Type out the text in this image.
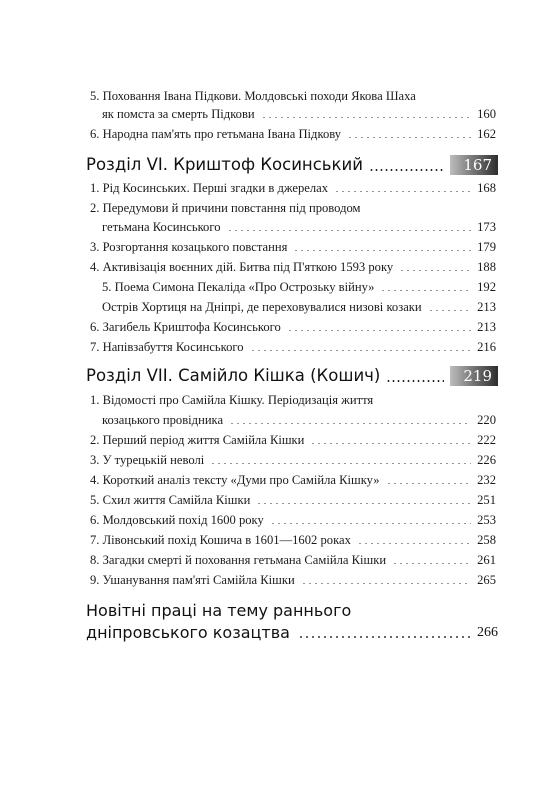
5. Поховання Івана Підкови. Молдовські походи Якова Шаха
як помста за смерть Підкови	160
6. Народна пам'ять про гетьмана Івана Підкову	162
Розділ VI. Криштоф Косинський	167
1. Рід Косинських. Перші згадки в джерелах	168
2. Передумови й причини повстання під проводом
гетьмана Косинського	173
3. Розгортання козацького повстання	179
4. Активізація воєнних дій. Битва під П'яткою 1593 року	188
5. Поема Симона Пекаліда «Про Острозьку війну»	192
Острів Хортиця на Дніпрі, де переховувалися низові козаки	213
6. Загибель Криштофа Косинського	213
7. Напівзабуття Косинського	216
Розділ VII. Самійло Кішка (Кошич)	219
1. Відомості про Самійла Кішку. Періодизація життя
козацького провідника	220
2. Перший період життя Самійла Кішки	222
3. У турецькій неволі	226
4. Короткий аналіз тексту «Думи про Самійла Кішку»	232
5. Схил життя Самійла Кішки	251
6. Молдовський похід 1600 року	253
7. Лівонський похід Кошича в 1601—1602 роках	258
8. Загадки смерті й поховання гетьмана Самійла Кішки	261
9. Ушанування пам'яті Самійла Кішки	265
Новітні праці на тему раннього
дніпровського козацтва	266
